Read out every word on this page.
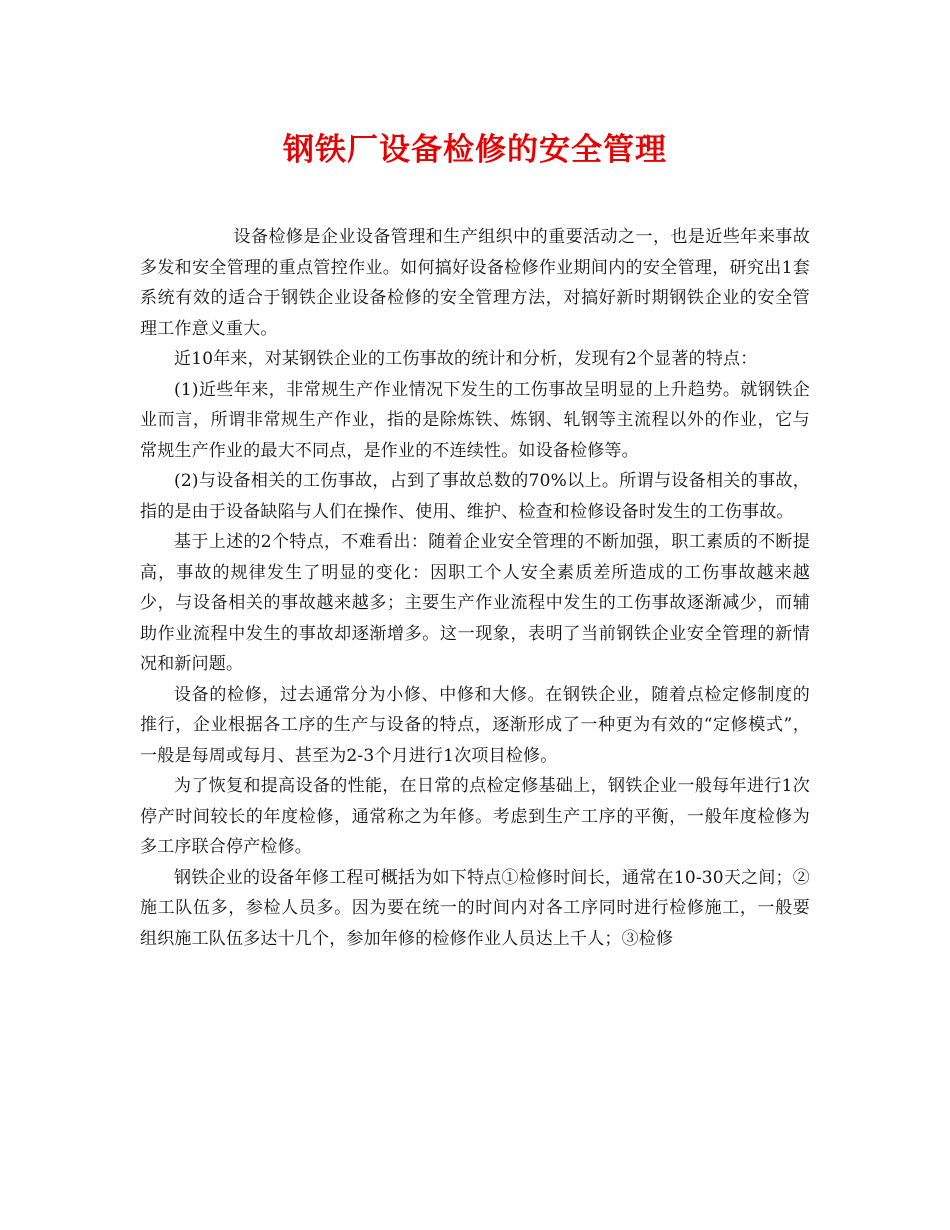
钢铁厂设备检修的安全管理

设备检修是企业设备管理和生产组织中的重要活动之一，也是近些年来事故多发和安全管理的重点管控作业。如何搞好设备检修作业期间内的安全管理，研究出1套系统有效的适合于钢铁企业设备检修的安全管理方法，对搞好新时期钢铁企业的安全管理工作意义重大。

近10年来，对某钢铁企业的工伤事故的统计和分析，发现有2个显著的特点：

(1)近些年来，非常规生产作业情况下发生的工伤事故呈明显的上升趋势。就钢铁企业而言，所谓非常规生产作业，指的是除炼铁、炼钢、轧钢等主流程以外的作业，它与常规生产作业的最大不同点，是作业的不连续性。如设备检修等。

(2)与设备相关的工伤事故，占到了事故总数的70%以上。所谓与设备相关的事故，指的是由于设备缺陷与人们在操作、使用、维护、检查和检修设备时发生的工伤事故。

基于上述的2个特点，不难看出：随着企业安全管理的不断加强，职工素质的不断提高，事故的规律发生了明显的变化：因职工个人安全素质差所造成的工伤事故越来越少，与设备相关的事故越来越多；主要生产作业流程中发生的工伤事故逐渐减少，而辅助作业流程中发生的事故却逐渐增多。这一现象，表明了当前钢铁企业安全管理的新情况和新问题。

设备的检修，过去通常分为小修、中修和大修。在钢铁企业，随着点检定修制度的推行，企业根据各工序的生产与设备的特点，逐渐形成了一种更为有效的“定修模式”，一般是每周或每月、甚至为2-3个月进行1次项目检修。

为了恢复和提高设备的性能，在日常的点检定修基础上，钢铁企业一般每年进行1次停产时间较长的年度检修，通常称之为年修。考虑到生产工序的平衡，一般年度检修为多工序联合停产检修。

钢铁企业的设备年修工程可概括为如下特点①检修时间长，通常在10-30天之间；②施工队伍多，参检人员多。因为要在统一的时间内对各工序同时进行检修施工，一般要组织施工队伍多达十几个，参加年修的检修作业人员达上千人；③检修
